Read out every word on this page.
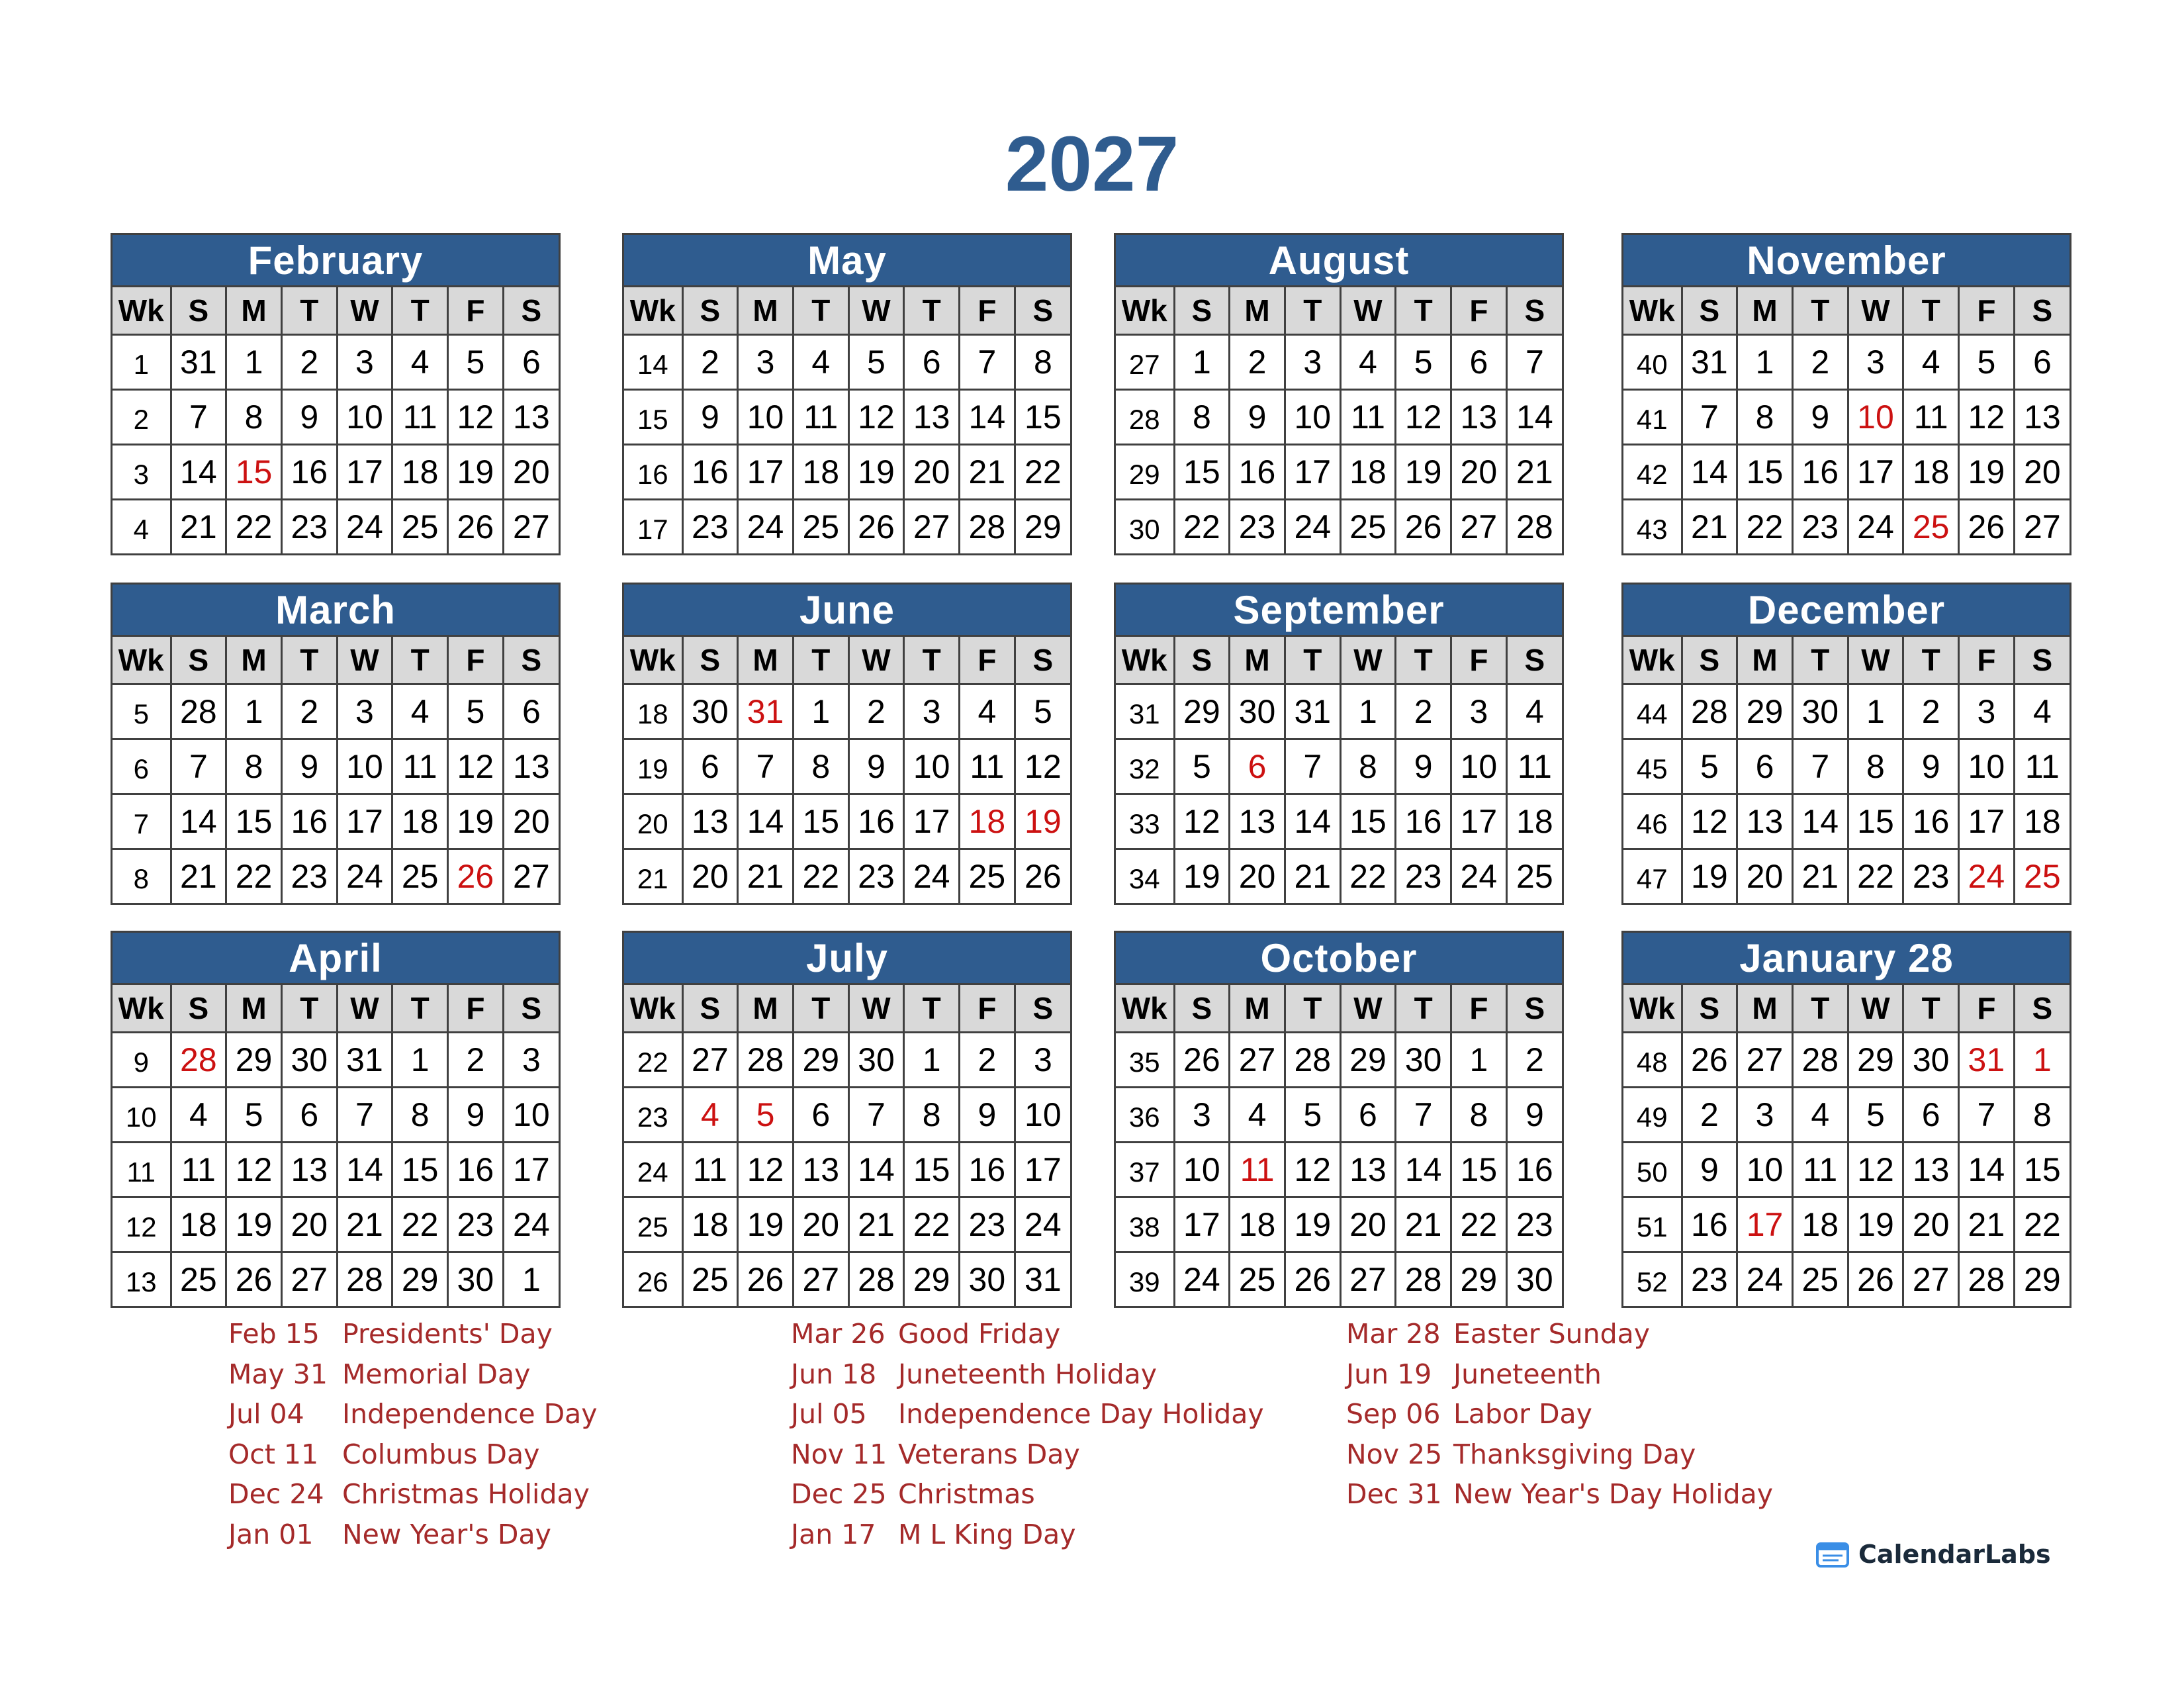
2027
February
Wk	S	M	T	W	T	F	S
1	31	1	2	3	4	5	6
2	7	8	9	10	11	12	13
3	14	15	16	17	18	19	20
4	21	22	23	24	25	26	27
May
Wk	S	M	T	W	T	F	S
14	2	3	4	5	6	7	8
15	9	10	11	12	13	14	15
16	16	17	18	19	20	21	22
17	23	24	25	26	27	28	29
August
Wk	S	M	T	W	T	F	S
27	1	2	3	4	5	6	7
28	8	9	10	11	12	13	14
29	15	16	17	18	19	20	21
30	22	23	24	25	26	27	28
November
Wk	S	M	T	W	T	F	S
40	31	1	2	3	4	5	6
41	7	8	9	10	11	12	13
42	14	15	16	17	18	19	20
43	21	22	23	24	25	26	27
March
Wk	S	M	T	W	T	F	S
5	28	1	2	3	4	5	6
6	7	8	9	10	11	12	13
7	14	15	16	17	18	19	20
8	21	22	23	24	25	26	27
June
Wk	S	M	T	W	T	F	S
18	30	31	1	2	3	4	5
19	6	7	8	9	10	11	12
20	13	14	15	16	17	18	19
21	20	21	22	23	24	25	26
September
Wk	S	M	T	W	T	F	S
31	29	30	31	1	2	3	4
32	5	6	7	8	9	10	11
33	12	13	14	15	16	17	18
34	19	20	21	22	23	24	25
December
Wk	S	M	T	W	T	F	S
44	28	29	30	1	2	3	4
45	5	6	7	8	9	10	11
46	12	13	14	15	16	17	18
47	19	20	21	22	23	24	25
April
Wk	S	M	T	W	T	F	S
9	28	29	30	31	1	2	3
10	4	5	6	7	8	9	10
11	11	12	13	14	15	16	17
12	18	19	20	21	22	23	24
13	25	26	27	28	29	30	1
July
Wk	S	M	T	W	T	F	S
22	27	28	29	30	1	2	3
23	4	5	6	7	8	9	10
24	11	12	13	14	15	16	17
25	18	19	20	21	22	23	24
26	25	26	27	28	29	30	31
October
Wk	S	M	T	W	T	F	S
35	26	27	28	29	30	1	2
36	3	4	5	6	7	8	9
37	10	11	12	13	14	15	16
38	17	18	19	20	21	22	23
39	24	25	26	27	28	29	30
January 28
Wk	S	M	T	W	T	F	S
48	26	27	28	29	30	31	1
49	2	3	4	5	6	7	8
50	9	10	11	12	13	14	15
51	16	17	18	19	20	21	22
52	23	24	25	26	27	28	29
Feb 15 Presidents' Day
May 31 Memorial Day
Jul 04 Independence Day
Oct 11 Columbus Day
Dec 24 Christmas Holiday
Jan 01 New Year's Day
Mar 26 Good Friday
Jun 18 Juneteenth Holiday
Jul 05 Independence Day Holiday
Nov 11 Veterans Day
Dec 25 Christmas
Jan 17 M L King Day
Mar 28 Easter Sunday
Jun 19 Juneteenth
Sep 06 Labor Day
Nov 25 Thanksgiving Day
Dec 31 New Year's Day Holiday
CalendarLabs
